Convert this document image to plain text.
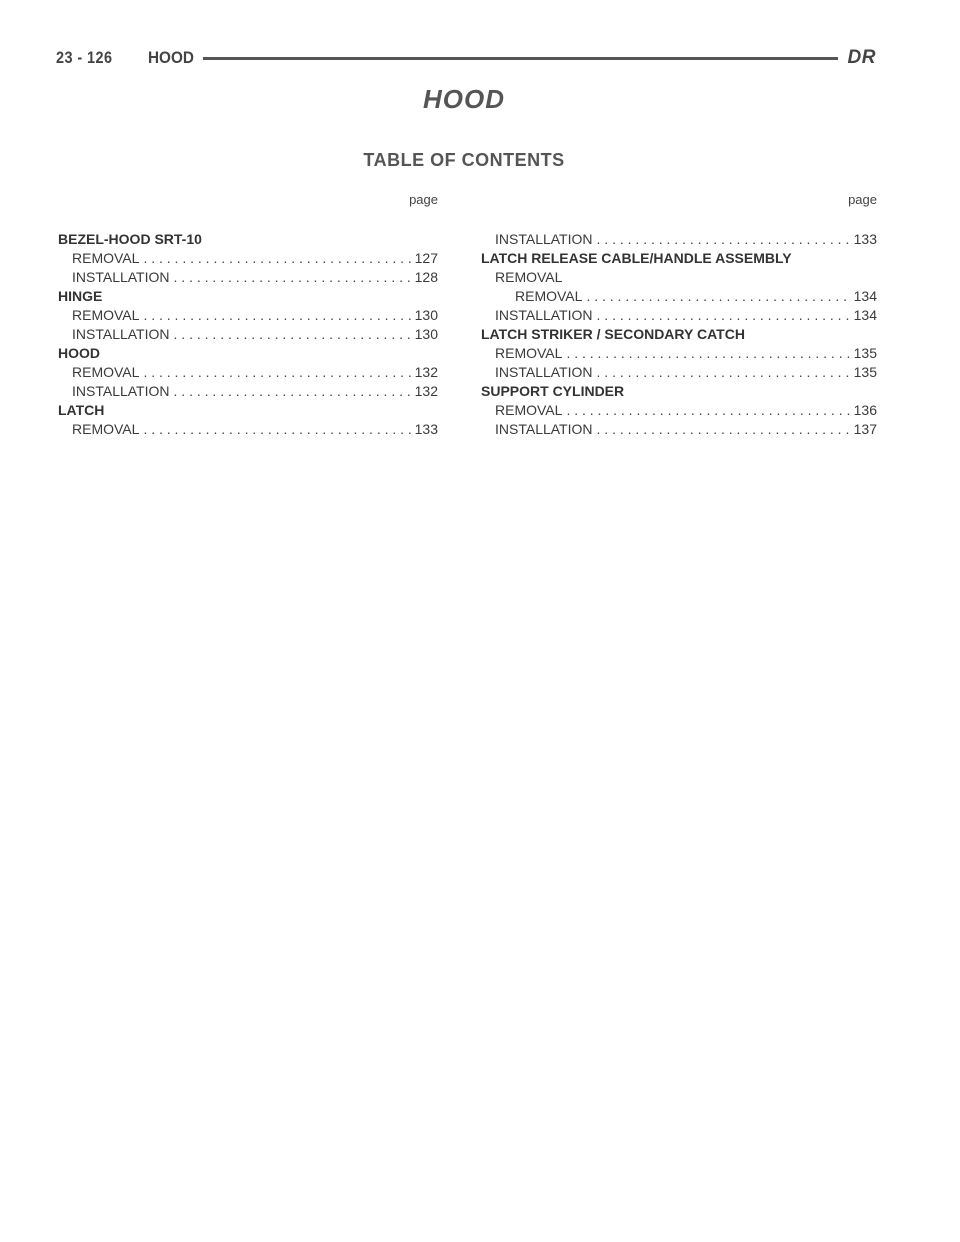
23 - 126 HOOD	DR
HOOD
TABLE OF CONTENTS
page
BEZEL-HOOD SRT-10
REMOVAL . . .	127
INSTALLATION . . .	128
HINGE
REMOVAL . . .	130
INSTALLATION . . .	130
HOOD
REMOVAL . . .	132
INSTALLATION . . .	132
LATCH
REMOVAL . . .	133
page
INSTALLATION . . .	133
LATCH RELEASE CABLE/HANDLE ASSEMBLY
REMOVAL
REMOVAL . . .	134
INSTALLATION . . .	134
LATCH STRIKER / SECONDARY CATCH
REMOVAL . . .	135
INSTALLATION . . .	135
SUPPORT CYLINDER
REMOVAL . . .	136
INSTALLATION . . .	137
